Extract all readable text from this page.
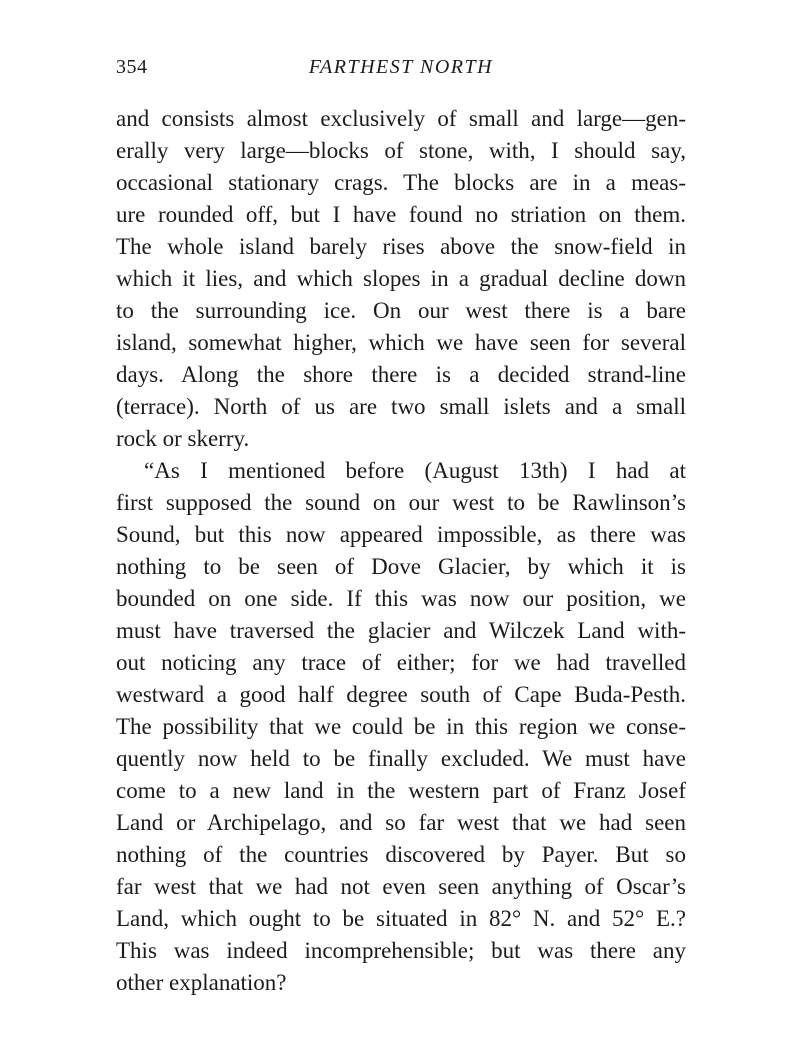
354	FARTHEST NORTH
and consists almost exclusively of small and large—gen-
erally very large—blocks of stone, with, I should say,
occasional stationary crags. The blocks are in a meas-
ure rounded off, but I have found no striation on them.
The whole island barely rises above the snow-field in
which it lies, and which slopes in a gradual decline down
to the surrounding ice. On our west there is a bare
island, somewhat higher, which we have seen for several
days. Along the shore there is a decided strand-line
(terrace). North of us are two small islets and a small
rock or skerry.
“As I mentioned before (August 13th) I had at
first supposed the sound on our west to be Rawlinson’s
Sound, but this now appeared impossible, as there was
nothing to be seen of Dove Glacier, by which it is
bounded on one side. If this was now our position, we
must have traversed the glacier and Wilczek Land with-
out noticing any trace of either; for we had travelled
westward a good half degree south of Cape Buda-Pesth.
The possibility that we could be in this region we conse-
quently now held to be finally excluded. We must have
come to a new land in the western part of Franz Josef
Land or Archipelago, and so far west that we had seen
nothing of the countries discovered by Payer. But so
far west that we had not even seen anything of Oscar’s
Land, which ought to be situated in 82° N. and 52° E.?
This was indeed incomprehensible; but was there any
other explanation?
